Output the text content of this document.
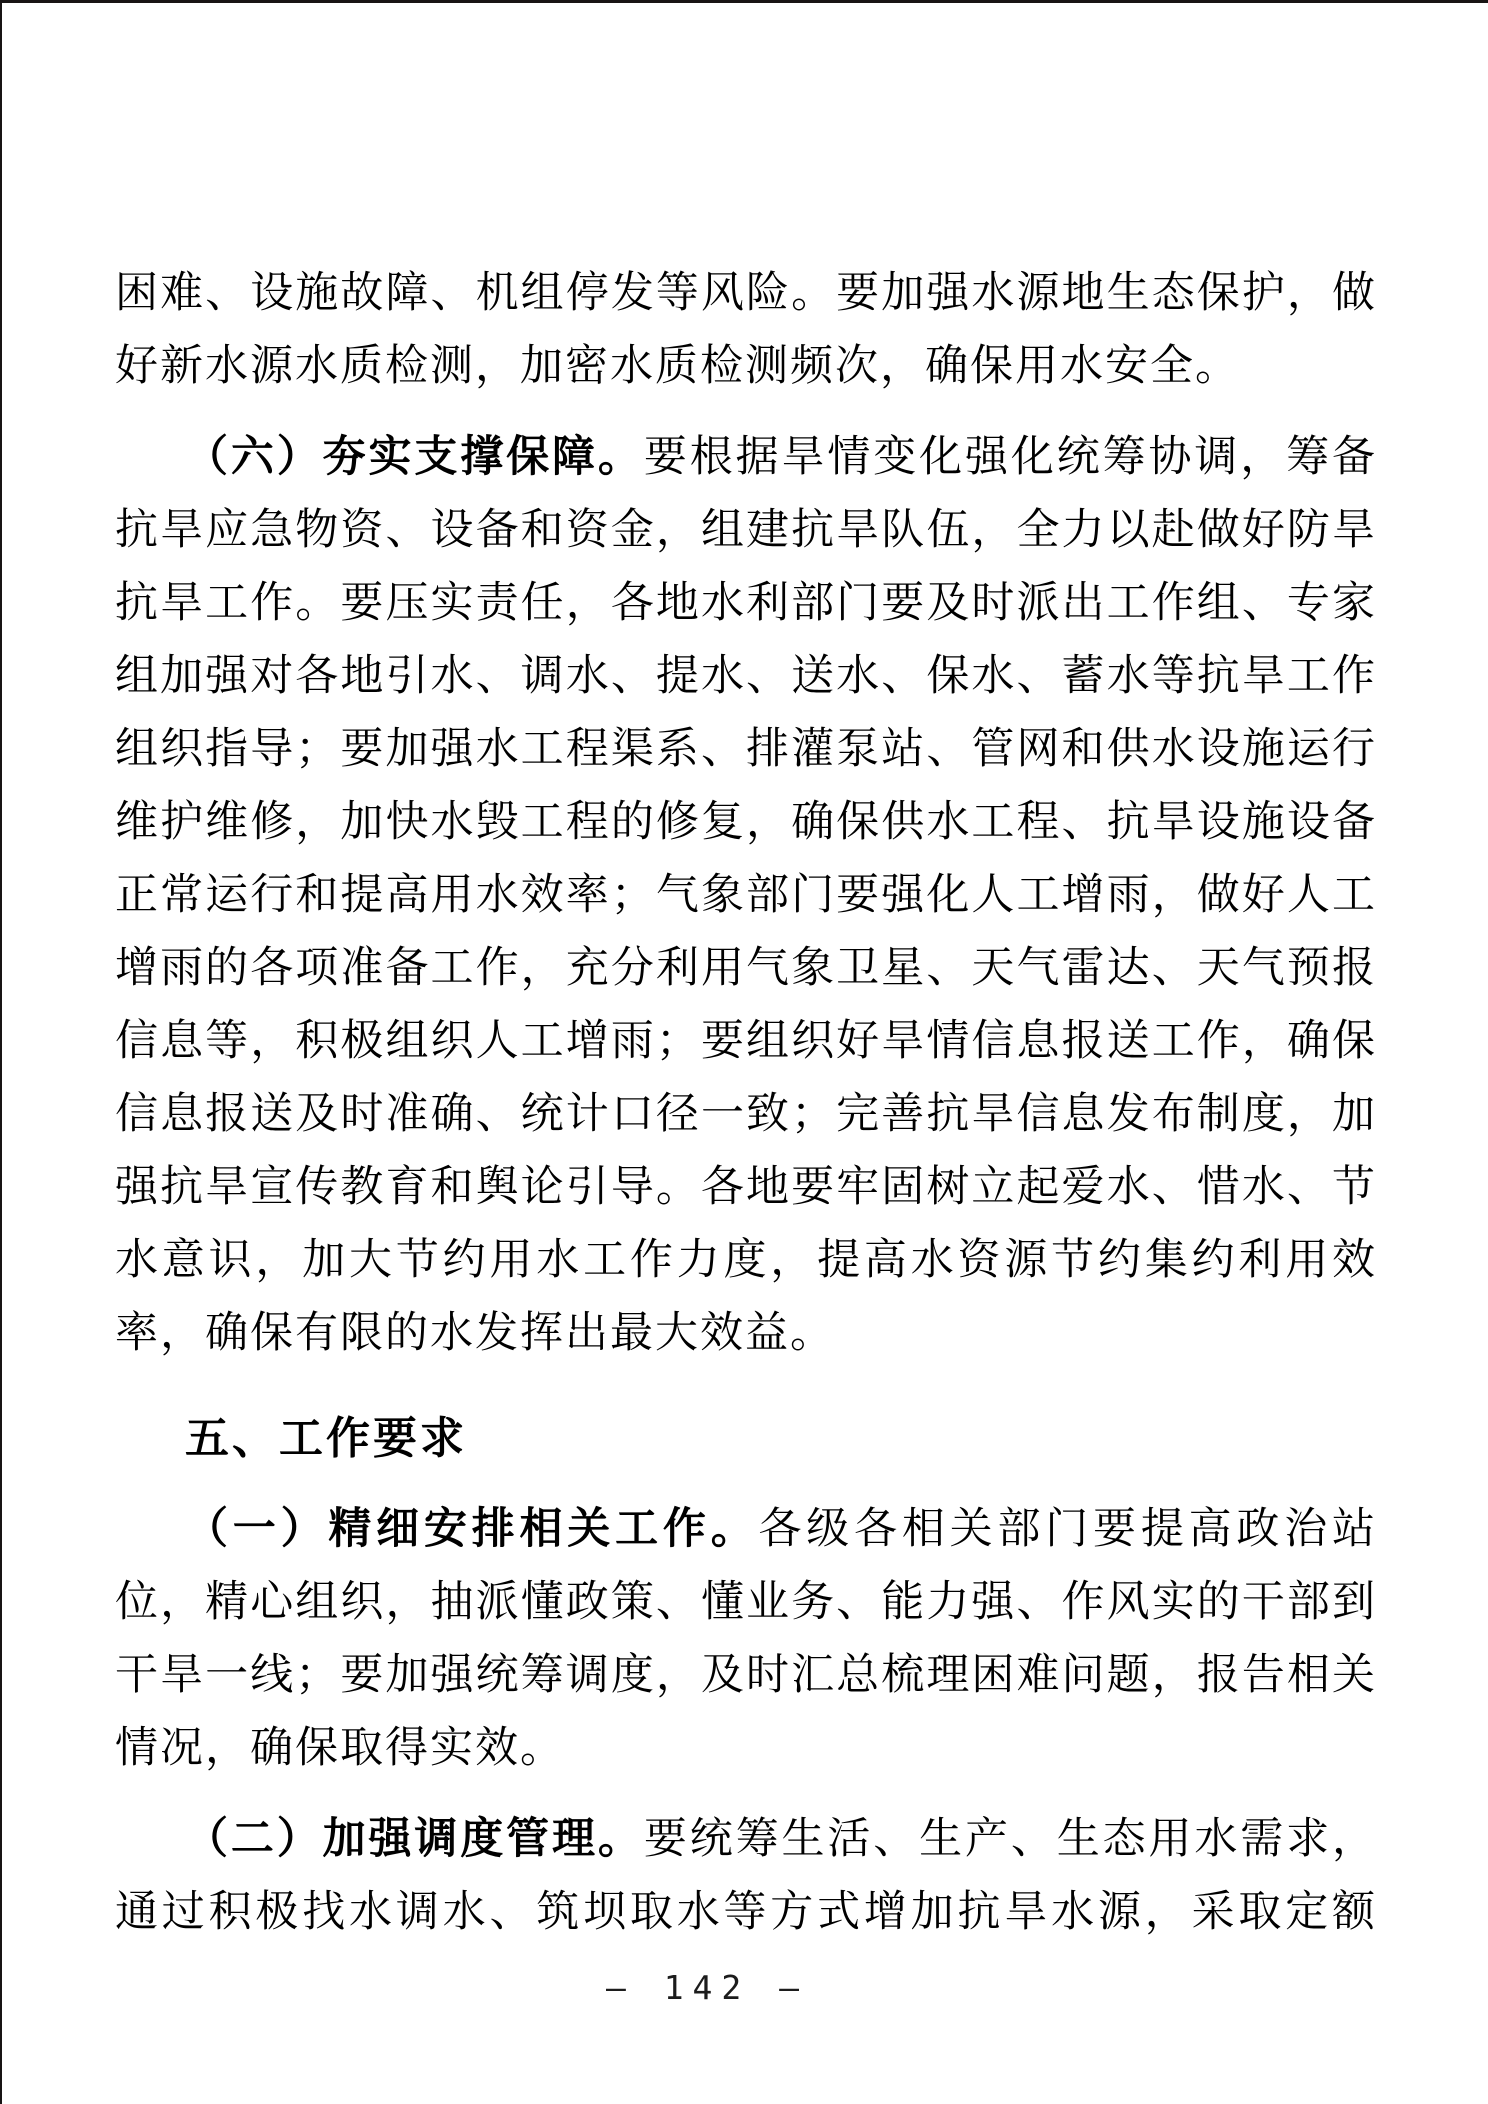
困难、设施故障、机组停发等风险。要加强水源地生态保护，做好新水源水质检测，加密水质检测频次，确保用水安全。

（六）夯实支撑保障。要根据旱情变化强化统筹协调，筹备抗旱应急物资、设备和资金，组建抗旱队伍，全力以赴做好防旱抗旱工作。要压实责任，各地水利部门要及时派出工作组、专家组加强对各地引水、调水、提水、送水、保水、蓄水等抗旱工作组织指导；要加强水工程渠系、排灌泵站、管网和供水设施运行维护维修，加快水毁工程的修复，确保供水工程、抗旱设施设备正常运行和提高用水效率；气象部门要强化人工增雨，做好人工增雨的各项准备工作，充分利用气象卫星、天气雷达、天气预报信息等，积极组织人工增雨；要组织好旱情信息报送工作，确保信息报送及时准确、统计口径一致；完善抗旱信息发布制度，加强抗旱宣传教育和舆论引导。各地要牢固树立起爱水、惜水、节水意识，加大节约用水工作力度，提高水资源节约集约利用效率，确保有限的水发挥出最大效益。

五、工作要求

（一）精细安排相关工作。各级各相关部门要提高政治站位，精心组织，抽派懂政策、懂业务、能力强、作风实的干部到干旱一线；要加强统筹调度，及时汇总梳理困难问题，报告相关情况，确保取得实效。

（二）加强调度管理。要统筹生活、生产、生态用水需求，通过积极找水调水、筑坝取水等方式增加抗旱水源，采取定额

– 142 –
